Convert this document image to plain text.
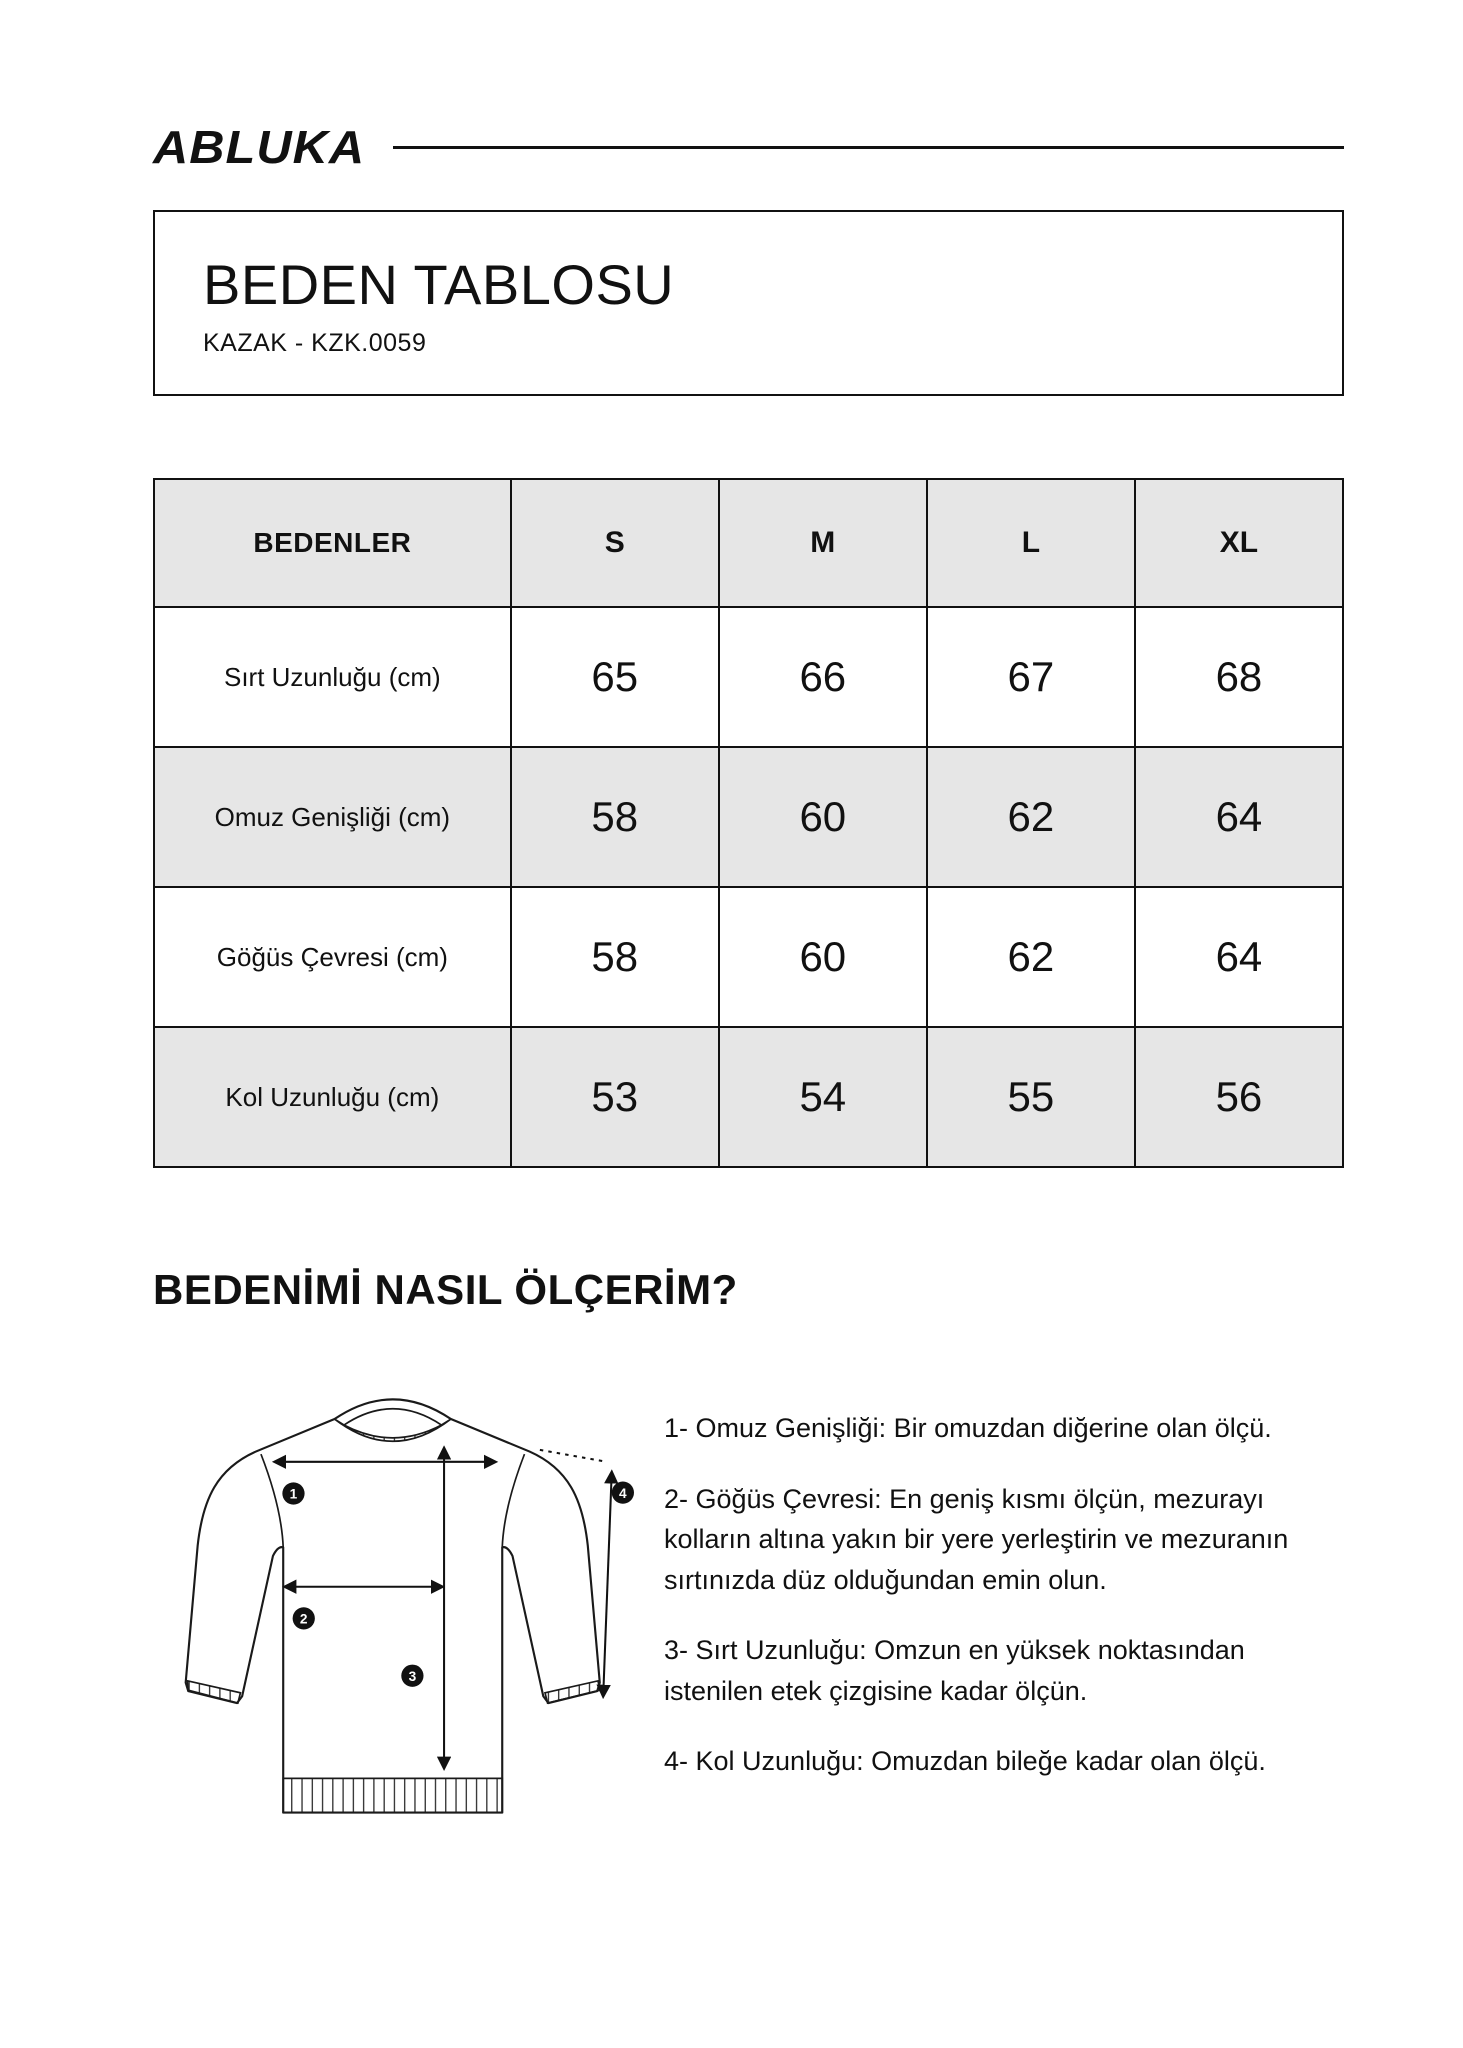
ABLUKA
BEDEN TABLOSU
KAZAK - KZK.0059
BEDENLER	S	M	L	XL
Sırt Uzunluğu (cm)	65	66	67	68
Omuz Genişliği (cm)	58	60	62	64
Göğüs Çevresi (cm)	58	60	62	64
Kol Uzunluğu (cm)	53	54	55	56
BEDENİMİ NASIL ÖLÇERİM?
1
2
3
4

1- Omuz Genişliği: Bir omuzdan diğerine olan ölçü.

2- Göğüs Çevresi: En geniş kısmı ölçün, mezurayı kolların altına yakın bir yere yerleştirin ve mezuranın sırtınızda düz olduğundan emin olun.

3- Sırt Uzunluğu: Omzun en yüksek noktasından istenilen etek çizgisine kadar ölçün.

4- Kol Uzunluğu: Omuzdan bileğe kadar olan ölçü.
